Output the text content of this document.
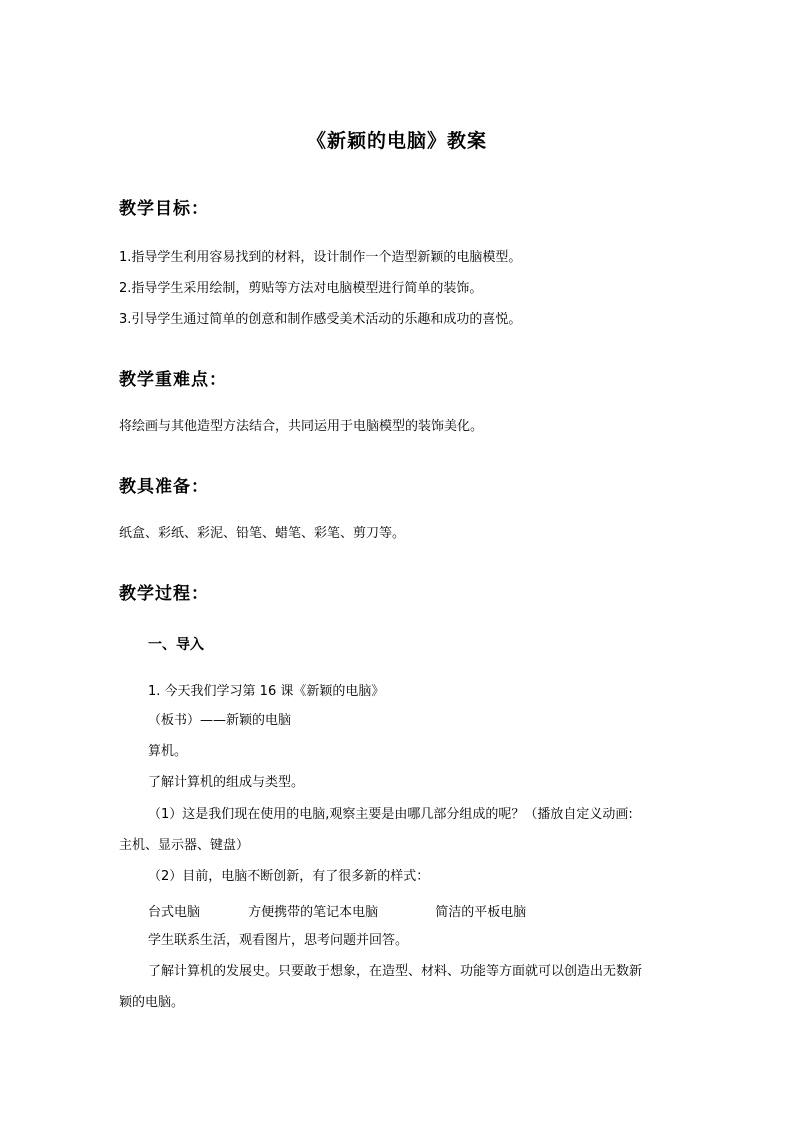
《新颖的电脑》教案
教学目标：
1.指导学生利用容易找到的材料，设计制作一个造型新颖的电脑模型。
2.指导学生采用绘制，剪贴等方法对电脑模型进行简单的装饰。
3.引导学生通过简单的创意和制作感受美术活动的乐趣和成功的喜悦。
教学重难点：
将绘画与其他造型方法结合，共同运用于电脑模型的装饰美化。
教具准备：
纸盒、彩纸、彩泥、铅笔、蜡笔、彩笔、剪刀等。
教学过程：
一、导入
1. 今天我们学习第 16 课《新颖的电脑》
（板书）——新颖的电脑
算机。
了解计算机的组成与类型。
（1）这是我们现在使用的电脑,观察主要是由哪几部分组成的呢？（播放自定义动画:
主机、显示器、键盘）
（2）目前，电脑不断创新，有了很多新的样式：
台式电脑	方便携带的笔记本电脑	简洁的平板电脑
学生联系生活，观看图片，思考问题并回答。
了解计算机的发展史。只要敢于想象，在造型、材料、功能等方面就可以创造出无数新
颖的电脑。
